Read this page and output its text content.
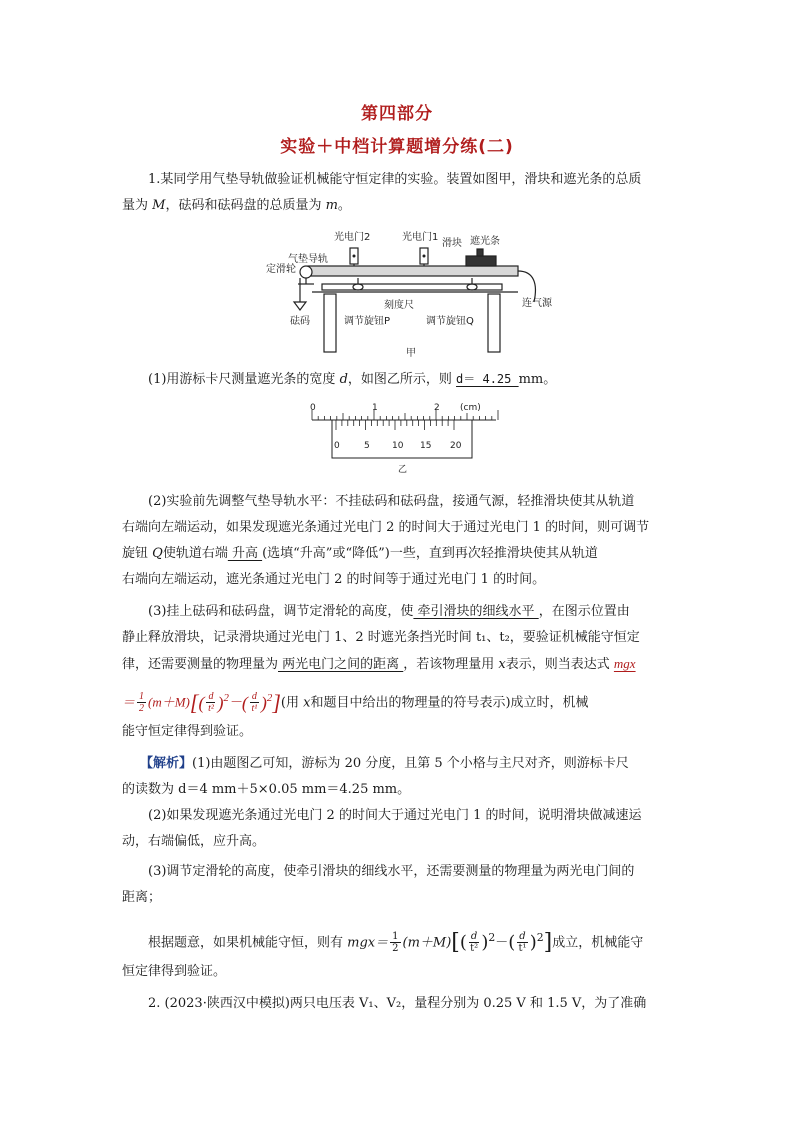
第四部分
实验＋中档计算题增分练(二)
1.某同学用气垫导轨做验证机械能守恒定律的实验。装置如图甲，滑块和遮光条的总质
量为 M，砝码和砝码盘的总质量为 m。
光电门2	光电门1
滑块 遮光条
气垫导轨
定滑轮
连气源
刻度尺
砝码	调节旋钮P	调节旋钮Q
甲
(1)用游标卡尺测量遮光条的宽度 d，如图乙所示，则 d＝ 4.25 mm。
0	1	2 (cm)
0	5 10 15 20
乙
(2)实验前先调整气垫导轨水平：不挂砝码和砝码盘，接通气源，轻推滑块使其从轨道
右端向左端运动，如果发现遮光条通过光电门 2 的时间大于通过光电门 1 的时间，则可调节
旋钮 Q使轨道右端 升高 (选填“升高”或“降低”)一些，直到再次轻推滑块使其从轨道
右端向左端运动，遮光条通过光电门 2 的时间等于通过光电门 1 的时间。
(3)挂上砝码和砝码盘，调节定滑轮的高度，使 牵引滑块的细线水平 ，在图示位置由
静止释放滑块，记录滑块通过光电门 1、2 时遮光条挡光时间 t₁、t₂，要验证机械能守恒定
律，还需要测量的物理量为 两光电门之间的距离 ，若该物理量用 x表示，则当表达式 mgx
＝ $\frac{1}{2} (m+M)[( \frac{d}{\text{t²}} )^2-( \frac{d}{\text{t¹}} )^2]$(用 x和题目中给出的物理量的符号表示)成立时，机械
能守恒定律得到验证。
【解析】(1)由题图乙可知，游标为 20 分度，且第 5 个小格与主尺对齐，则游标卡尺
的读数为 d＝4 mm＋5×0.05 mm＝4.25 mm。
(2)如果发现遮光条通过光电门 2 的时间大于通过光电门 1 的时间，说明滑块做减速运
动，右端偏低，应升高。
(3)调节定滑轮的高度，使牵引滑块的细线水平，还需要测量的物理量为两光电门间的
距离；
根据题意，如果机械能守恒，则有 $mgx= \frac{1}{2} (m+M)[( \frac{d}{\text{t²}} )^2-( \frac{d}{\text{t¹}} )^2]$成立，机械能守
恒定律得到验证。
2. (2023·陕西汉中模拟)两只电压表 V₁、V₂，量程分别为 0.25 V 和 1.5 V，为了准确
